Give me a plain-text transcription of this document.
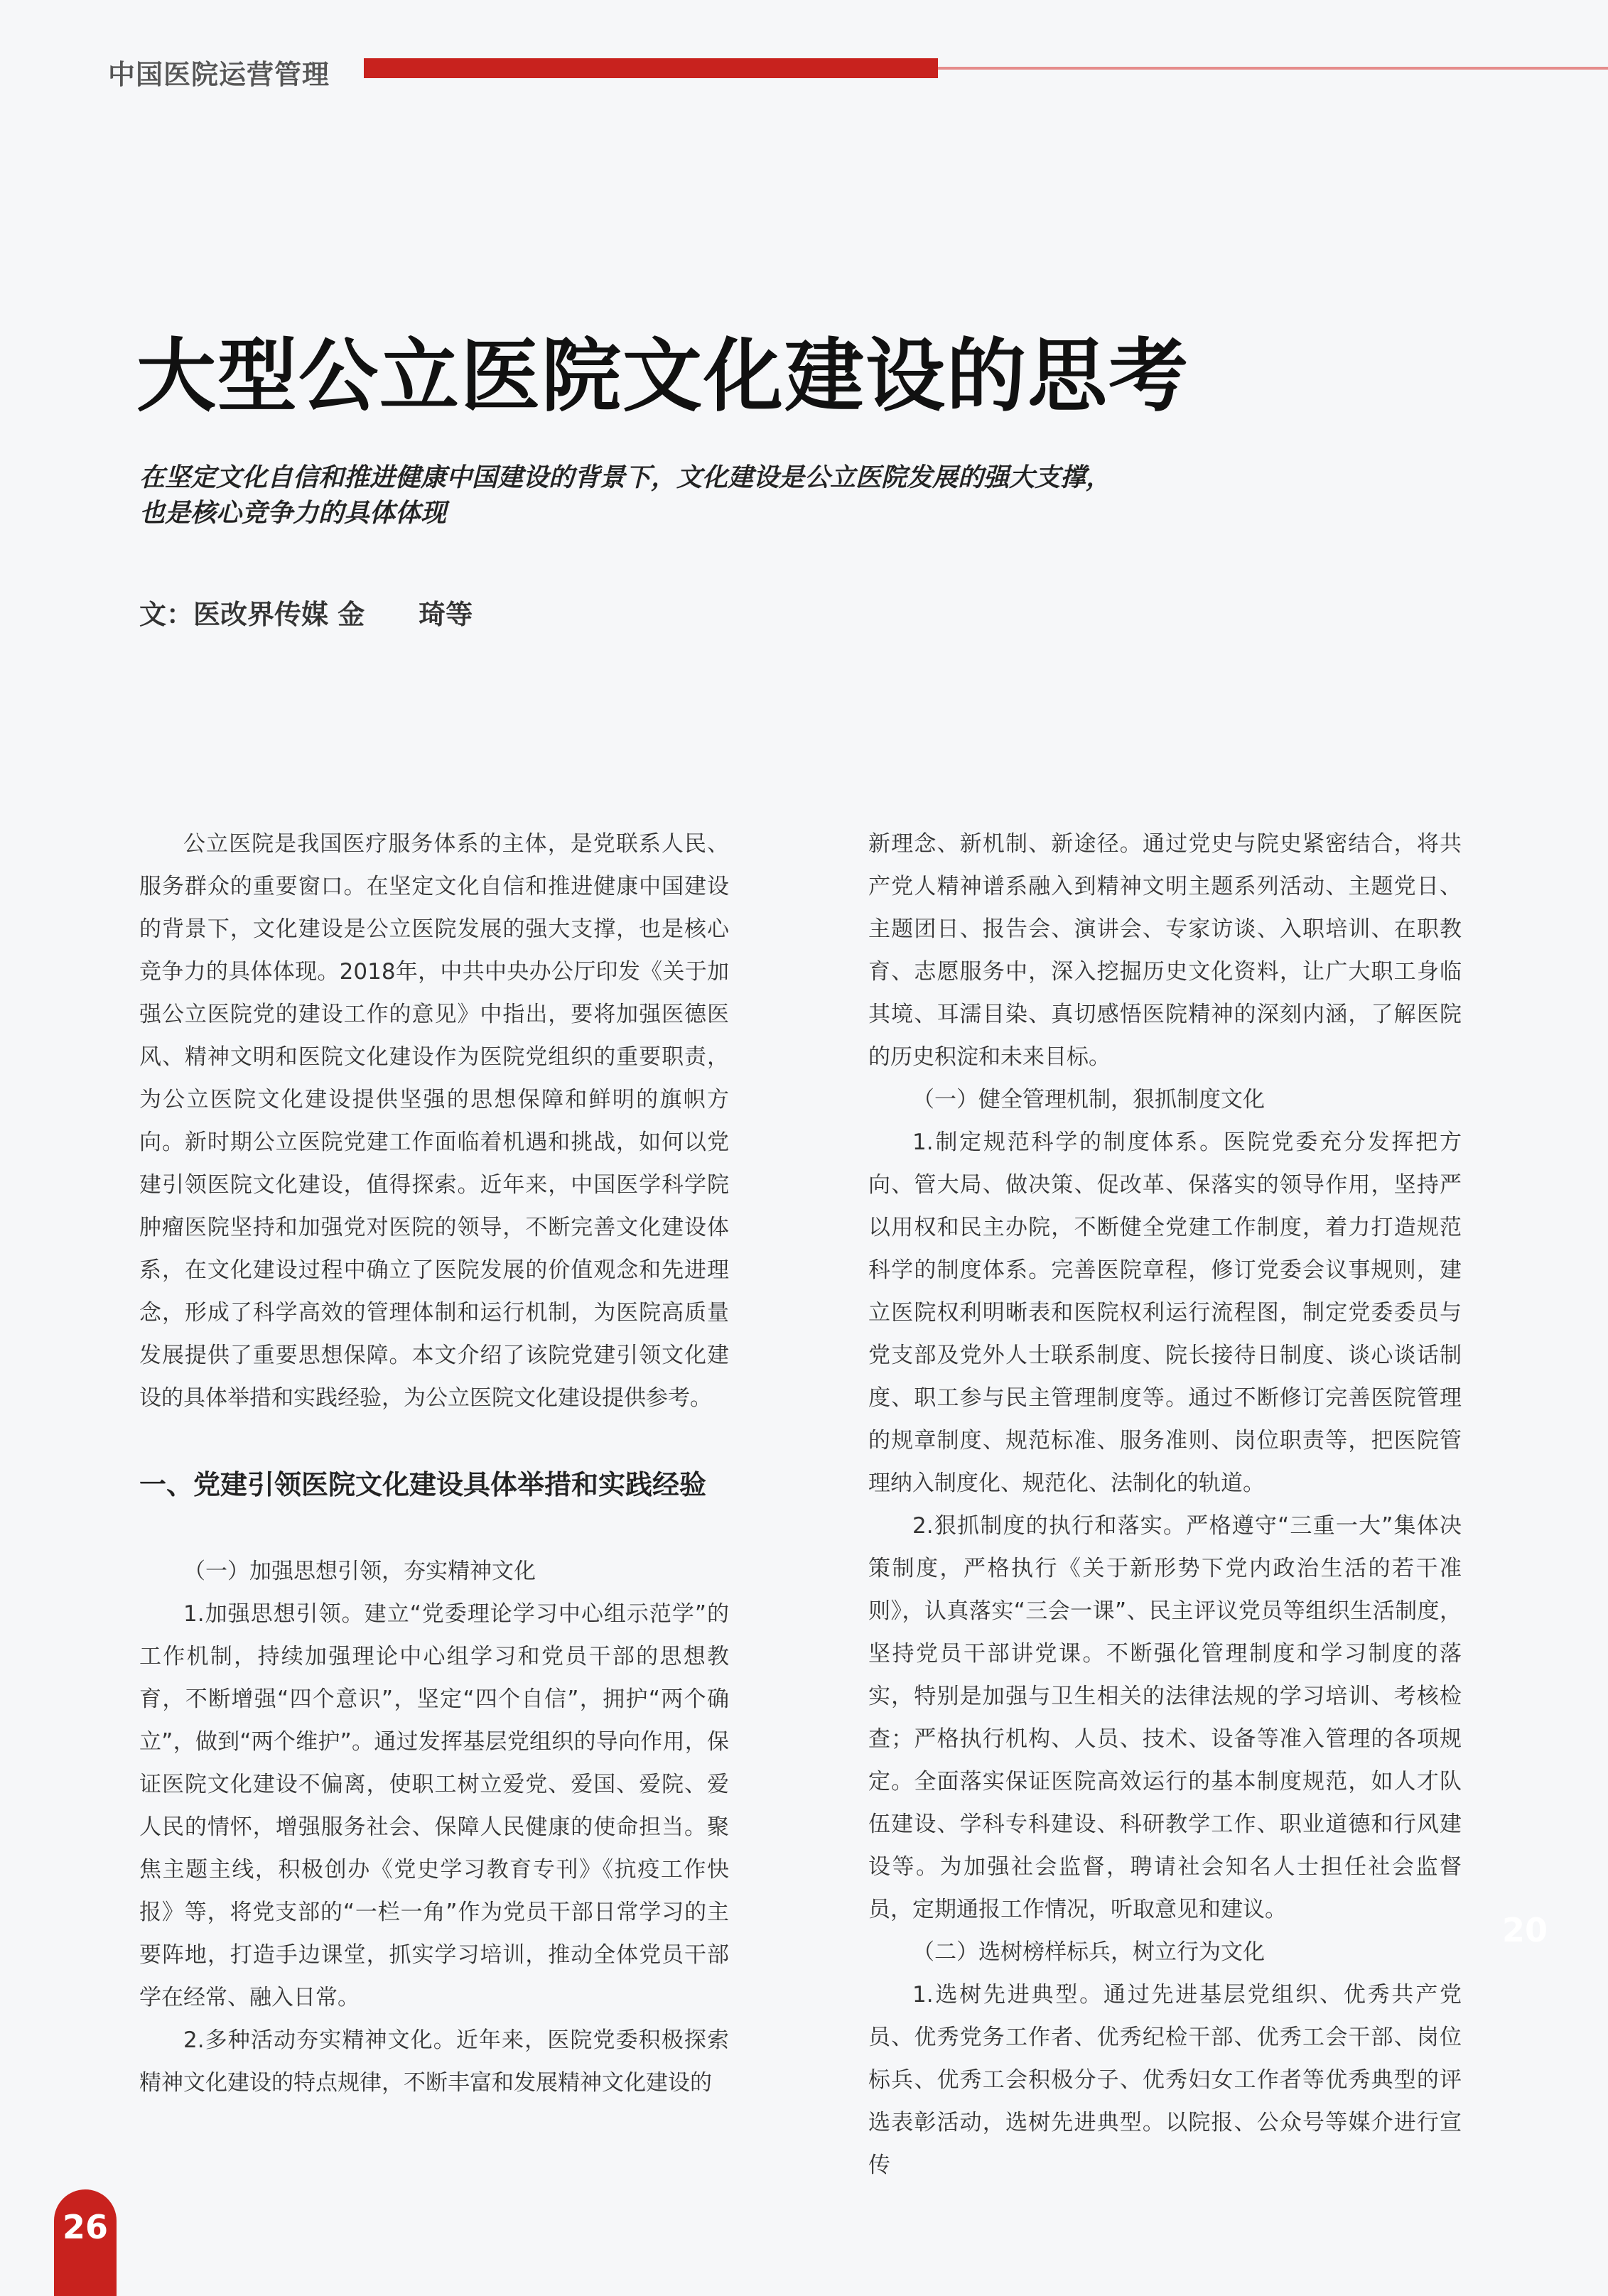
中国医院运营管理
大型公立医院文化建设的思考
在坚定文化自信和推进健康中国建设的背景下，文化建设是公立医院发展的强大支撑，
也是核心竞争力的具体体现
文：医改界传媒 金　　琦等

公立医院是我国医疗服务体系的主体，是党联系人民、服务群众的重要窗口。在坚定文化自信和推进健康中国建设的背景下，文化建设是公立医院发展的强大支撑，也是核心竞争力的具体体现。2018年，中共中央办公厅印发《关于加强公立医院党的建设工作的意见》中指出，要将加强医德医风、精神文明和医院文化建设作为医院党组织的重要职责，为公立医院文化建设提供坚强的思想保障和鲜明的旗帜方向。新时期公立医院党建工作面临着机遇和挑战，如何以党建引领医院文化建设，值得探索。近年来，中国医学科学院肿瘤医院坚持和加强党对医院的领导，不断完善文化建设体系，在文化建设过程中确立了医院发展的价值观念和先进理念，形成了科学高效的管理体制和运行机制，为医院高质量发展提供了重要思想保障。本文介绍了该院党建引领文化建设的具体举措和实践经验，为公立医院文化建设提供参考。

一、党建引领医院文化建设具体举措和实践经验

（一）加强思想引领，夯实精神文化

1.加强思想引领。建立“党委理论学习中心组示范学”的工作机制，持续加强理论中心组学习和党员干部的思想教育，不断增强“四个意识”，坚定“四个自信”，拥护“两个确立”，做到“两个维护”。通过发挥基层党组织的导向作用，保证医院文化建设不偏离，使职工树立爱党、爱国、爱院、爱人民的情怀，增强服务社会、保障人民健康的使命担当。聚焦主题主线，积极创办《党史学习教育专刊》《抗疫工作快报》等，将党支部的“一栏一角”作为党员干部日常学习的主要阵地，打造手边课堂，抓实学习培训，推动全体党员干部学在经常、融入日常。

2.多种活动夯实精神文化。近年来，医院党委积极探索精神文化建设的特点规律，不断丰富和发展精神文化建设的

新理念、新机制、新途径。通过党史与院史紧密结合，将共产党人精神谱系融入到精神文明主题系列活动、主题党日、主题团日、报告会、演讲会、专家访谈、入职培训、在职教育、志愿服务中，深入挖掘历史文化资料，让广大职工身临其境、耳濡目染、真切感悟医院精神的深刻内涵，了解医院的历史积淀和未来目标。

（一）健全管理机制，狠抓制度文化

1.制定规范科学的制度体系。医院党委充分发挥把方向、管大局、做决策、促改革、保落实的领导作用，坚持严以用权和民主办院，不断健全党建工作制度，着力打造规范科学的制度体系。完善医院章程，修订党委会议事规则，建立医院权利明晰表和医院权利运行流程图，制定党委委员与党支部及党外人士联系制度、院长接待日制度、谈心谈话制度、职工参与民主管理制度等。通过不断修订完善医院管理的规章制度、规范标准、服务准则、岗位职责等，把医院管理纳入制度化、规范化、法制化的轨道。

2.狠抓制度的执行和落实。严格遵守“三重一大”集体决策制度，严格执行《关于新形势下党内政治生活的若干准则》，认真落实“三会一课”、民主评议党员等组织生活制度，坚持党员干部讲党课。不断强化管理制度和学习制度的落实，特别是加强与卫生相关的法律法规的学习培训、考核检查；严格执行机构、人员、技术、设备等准入管理的各项规定。全面落实保证医院高效运行的基本制度规范，如人才队伍建设、学科专科建设、科研教学工作、职业道德和行风建设等。为加强社会监督，聘请社会知名人士担任社会监督员，定期通报工作情况，听取意见和建议。

（二）选树榜样标兵，树立行为文化

1.选树先进典型。通过先进基层党组织、优秀共产党员、优秀党务工作者、优秀纪检干部、优秀工会干部、岗位标兵、优秀工会积极分子、优秀妇女工作者等优秀典型的评选表彰活动，选树先进典型。以院报、公众号等媒介进行宣传

20
26
